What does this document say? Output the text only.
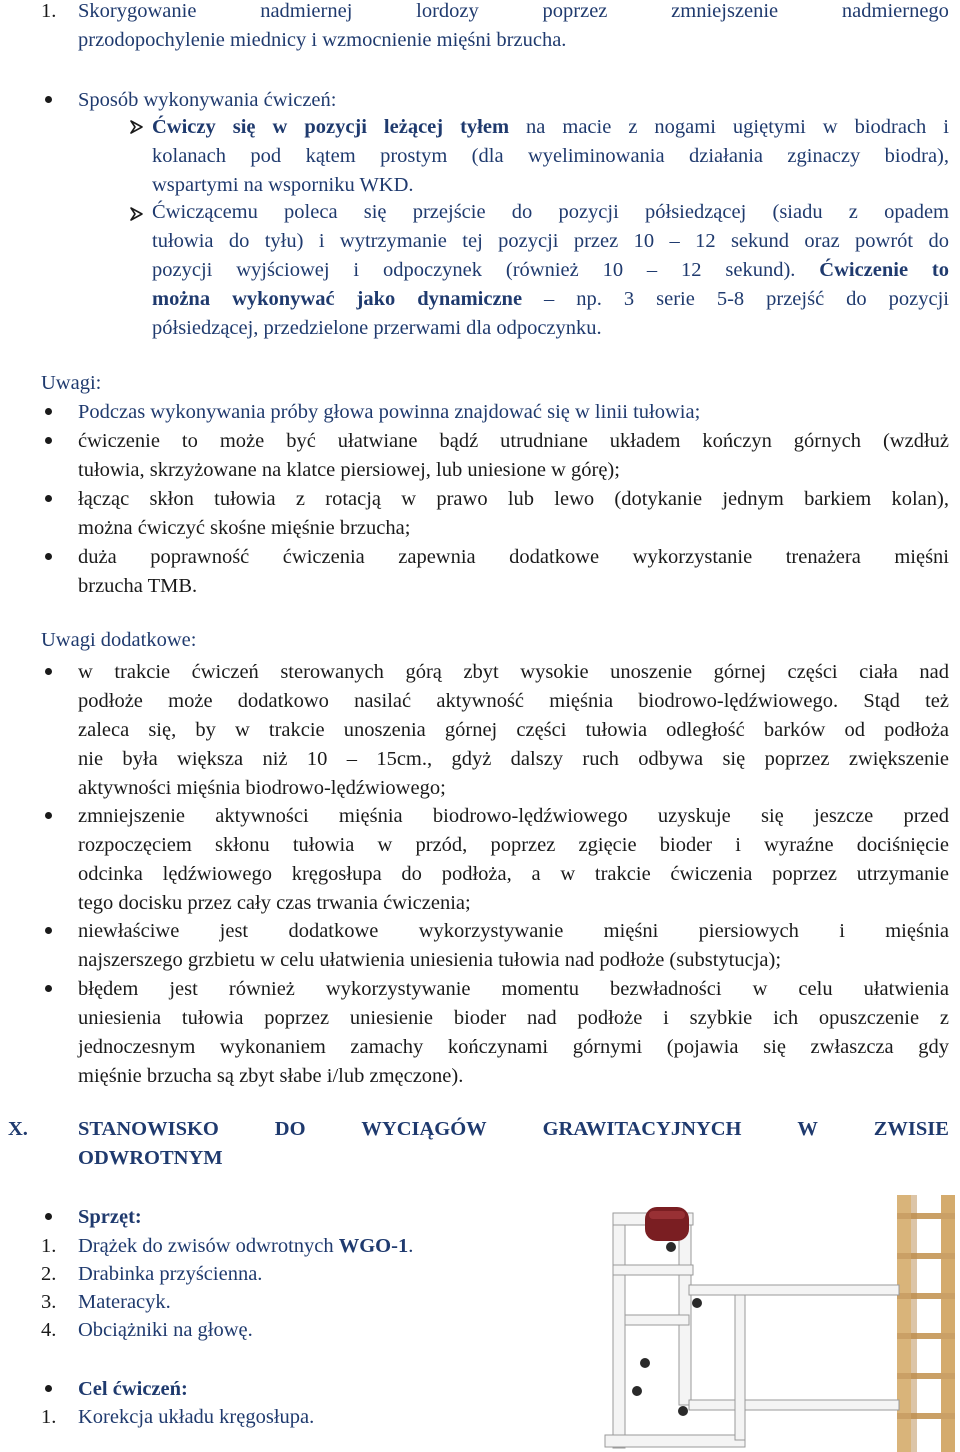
1. Skorygowanie	nadmiernej	lordozy	poprzez	zmniejszenie	nadmiernego
przodopochylenie miednicy i wzmocnienie mięśni brzucha.
Sposób wykonywania ćwiczeń:
Ćwiczy się w pozycji leżącej tyłem na macie z nogami ugiętymi w biodrach i
kolanach pod kątem prostym (dla wyeliminowania działania zginaczy biodra),
wspartymi na wsporniku WKD.
Ćwiczącemu poleca się przejście do pozycji półsiedzącej (siadu z opadem
tułowia do tyłu) i wytrzymanie tej pozycji przez 10 – 12 sekund oraz powrót do
pozycji wyjściowej i odpoczynek (również 10 – 12 sekund). Ćwiczenie to
można wykonywać jako dynamiczne – np. 3 serie 5-8 przejść do pozycji
półsiedzącej, przedzielone przerwami dla odpoczynku.
Uwagi:
Podczas wykonywania próby głowa powinna znajdować się w linii tułowia;
ćwiczenie to może być ułatwiane bądź utrudniane układem kończyn górnych (wzdłuż
tułowia, skrzyżowane na klatce piersiowej, lub uniesione w górę);
łącząc skłon tułowia z rotacją w prawo lub lewo (dotykanie jednym barkiem kolan),
można ćwiczyć skośne mięśnie brzucha;
duża poprawność ćwiczenia zapewnia dodatkowe wykorzystanie trenażera mięśni
brzucha TMB.
Uwagi dodatkowe:
w trakcie ćwiczeń sterowanych górą zbyt wysokie unoszenie górnej części ciała nad
podłoże może dodatkowo nasilać aktywność mięśnia biodrowo-lędźwiowego. Stąd też
zaleca się, by w trakcie unoszenia górnej części tułowia odległość barków od podłoża
nie była większa niż 10 – 15cm., gdyż dalszy ruch odbywa się poprzez zwiększenie
aktywności mięśnia biodrowo-lędźwiowego;
zmniejszenie aktywności mięśnia biodrowo-lędźwiowego uzyskuje się jeszcze przed
rozpoczęciem skłonu tułowia w przód, poprzez zgięcie bioder i wyraźne dociśnięcie
odcinka lędźwiowego kręgosłupa do podłoża, a w trakcie ćwiczenia poprzez utrzymanie
tego docisku przez cały czas trwania ćwiczenia;
niewłaściwe jest dodatkowe wykorzystywanie mięśni piersiowych i mięśnia
najszerszego grzbietu w celu ułatwienia uniesienia tułowia nad podłoże (substytucja);
błędem jest również wykorzystywanie momentu bezwładności w celu ułatwienia
uniesienia tułowia poprzez uniesienie bioder nad podłoże i szybkie ich opuszczenie z
jednoczesnym wykonaniem zamachy kończynami górnymi (pojawia się zwłaszcza gdy
mięśnie brzucha są zbyt słabe i/lub zmęczone).
X. STANOWISKO	DO	WYCIĄGÓW	GRAWITACYJNYCH	W	ZWISIE
ODWROTNYM
Sprzęt:
1. Drążek do zwisów odwrotnych WGO-1.
2. Drabinka przyścienna.
3. Materacyk.
4. Obciążniki na głowę.
Cel ćwiczeń:
1. Korekcja układu kręgosłupa.
